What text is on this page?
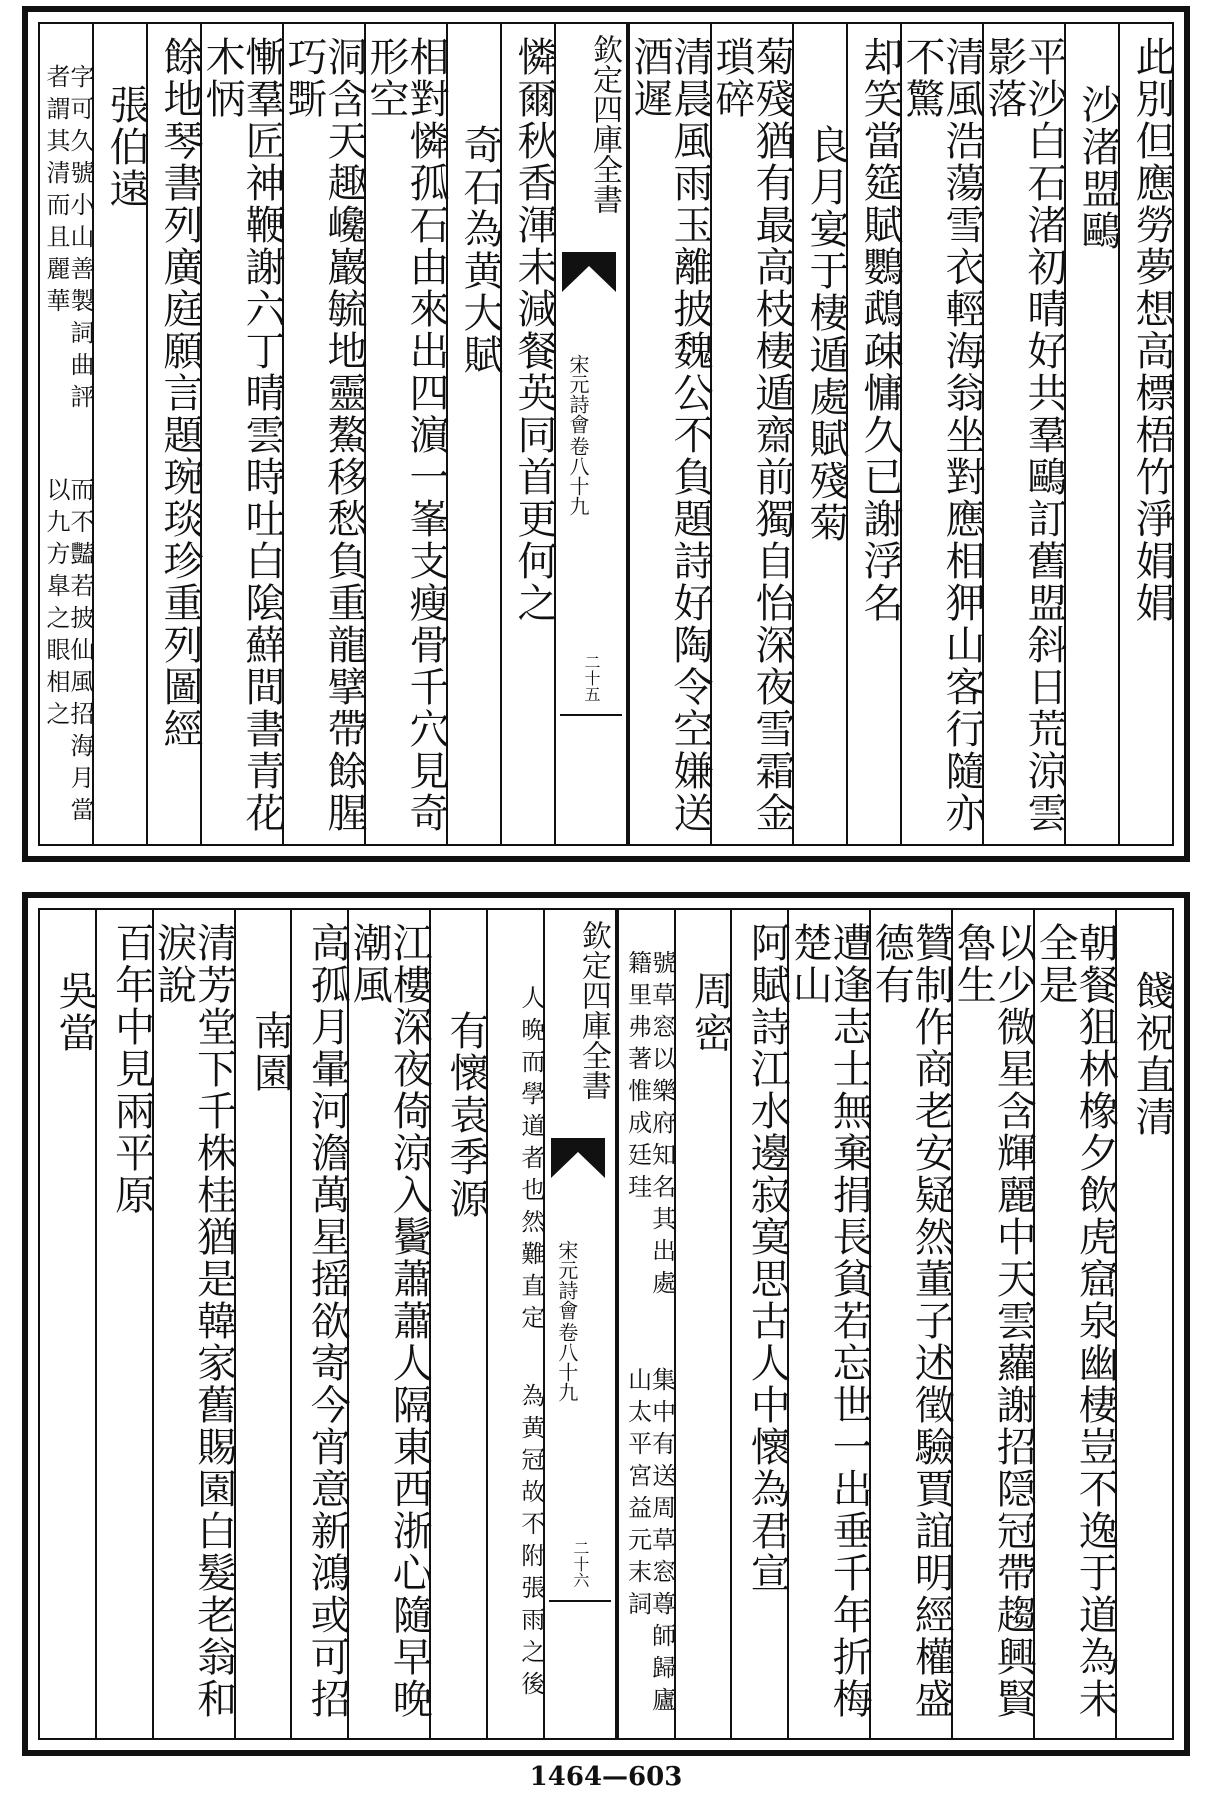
此別但應勞夢想高標梧竹淨娟娟
沙渚盟鷗
平沙白石渚初晴好共羣鷗訂舊盟斜日荒涼雲影落
清風浩蕩雪衣輕海翁坐對應相狎山客行隨亦不驚
却笑當筵賦鸚鵡疎慵久已謝浮名
良月宴于棲遁處賦殘菊
菊殘猶有最高枝棲遁齋前獨自怡深夜雪霜金瑣碎
清晨風雨玉離披魏公不負題詩好陶令空嫌送酒遲
欽定四庫全書
宋元詩會
卷八十九
二十五
憐爾秋香渾未減餐英同首更何之
奇石為黄大賦
相對憐孤石由來出四濵一峯支瘦骨千穴見奇形空
洞含天趣巉巖毓地靈鰲移愁負重龍擘帶餘腥巧斲
慚羣匠神鞭謝六丁晴雲時吐白隂蘚間書青花木怲
餘地琴書列廣庭願言題琬琰珍重列圖經
張伯遠
字可久號小山善製詞曲評者謂其清而且麗華
而不豔若披仙風招海月當以九方臯之眼相之
餞祝直清
朝餐狙林橡夕飲虎窟泉幽棲豈不逸于道為未全是
以少微星含輝麗中天雲蘿謝招隠冠帶趨興賢魯生
贊制作商老安疑然董子述徵驗賈誼明經權盛德有
遭逢志士無棄捐長貧若忘世一出垂千年折梅楚山
阿賦詩江水邊寂寞思古人中懷為君宣
周密
號草窓以樂府知名其出處籍里弗著惟成廷珪
集中有送周草窓尊師歸廬山太平宮益元末詞
欽定四庫全書
宋元詩會
卷八十九
二十六
人晩而學道者也然難直定
為黄冠故不附張雨之後
有懷袁季源
江樓深夜倚涼入鬢蕭蕭人隔東西浙心隨早晚潮風
高孤月暈河澹萬星摇欲寄今宵意新鴻或可招
南園
清芳堂下千株桂猶是韓家舊賜園白髮老翁和淚說
百年中見兩平原
吳當
1464—603
